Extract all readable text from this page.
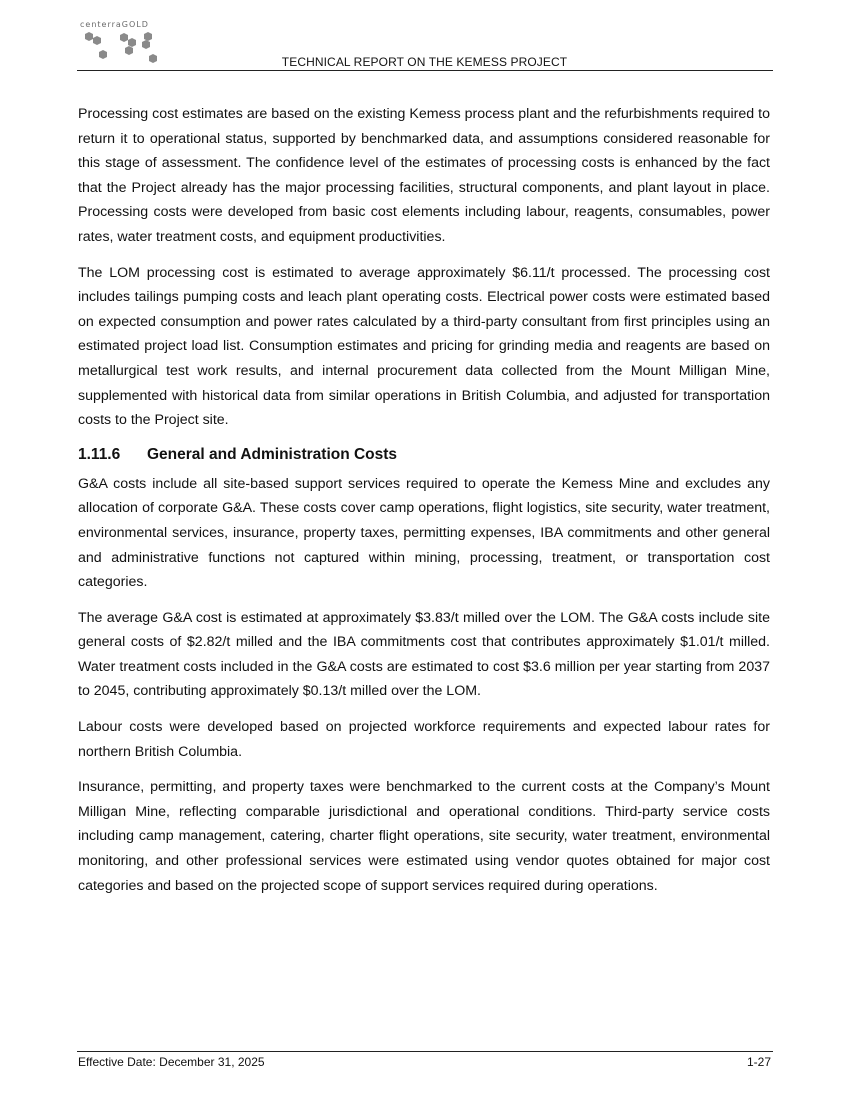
centerraGOLD
TECHNICAL REPORT ON THE KEMESS PROJECT

Processing cost estimates are based on the existing Kemess process plant and the refurbishments required to return it to operational status, supported by benchmarked data, and assumptions considered reasonable for this stage of assessment. The confidence level of the estimates of processing costs is enhanced by the fact that the Project already has the major processing facilities, structural components, and plant layout in place. Processing costs were developed from basic cost elements including labour, reagents, consumables, power rates, water treatment costs, and equipment productivities.

The LOM processing cost is estimated to average approximately $6.11/t processed. The processing cost includes tailings pumping costs and leach plant operating costs. Electrical power costs were estimated based on expected consumption and power rates calculated by a third-party consultant from first principles using an estimated project load list. Consumption estimates and pricing for grinding media and reagents are based on metallurgical test work results, and internal procurement data collected from the Mount Milligan Mine, supplemented with historical data from similar operations in British Columbia, and adjusted for transportation costs to the Project site.

1.11.6 General and Administration Costs

G&A costs include all site-based support services required to operate the Kemess Mine and excludes any allocation of corporate G&A. These costs cover camp operations, flight logistics, site security, water treatment, environmental services, insurance, property taxes, permitting expenses, IBA commitments and other general and administrative functions not captured within mining, processing, treatment, or transportation cost categories.

The average G&A cost is estimated at approximately $3.83/t milled over the LOM. The G&A costs include site general costs of $2.82/t milled and the IBA commitments cost that contributes approximately $1.01/t milled. Water treatment costs included in the G&A costs are estimated to cost $3.6 million per year starting from 2037 to 2045, contributing approximately $0.13/t milled over the LOM.

Labour costs were developed based on projected workforce requirements and expected labour rates for northern British Columbia.

Insurance, permitting, and property taxes were benchmarked to the current costs at the Company’s Mount Milligan Mine, reflecting comparable jurisdictional and operational conditions. Third-party service costs including camp management, catering, charter flight operations, site security, water treatment, environmental monitoring, and other professional services were estimated using vendor quotes obtained for major cost categories and based on the projected scope of support services required during operations.

Effective Date: December 31, 2025	1-27
